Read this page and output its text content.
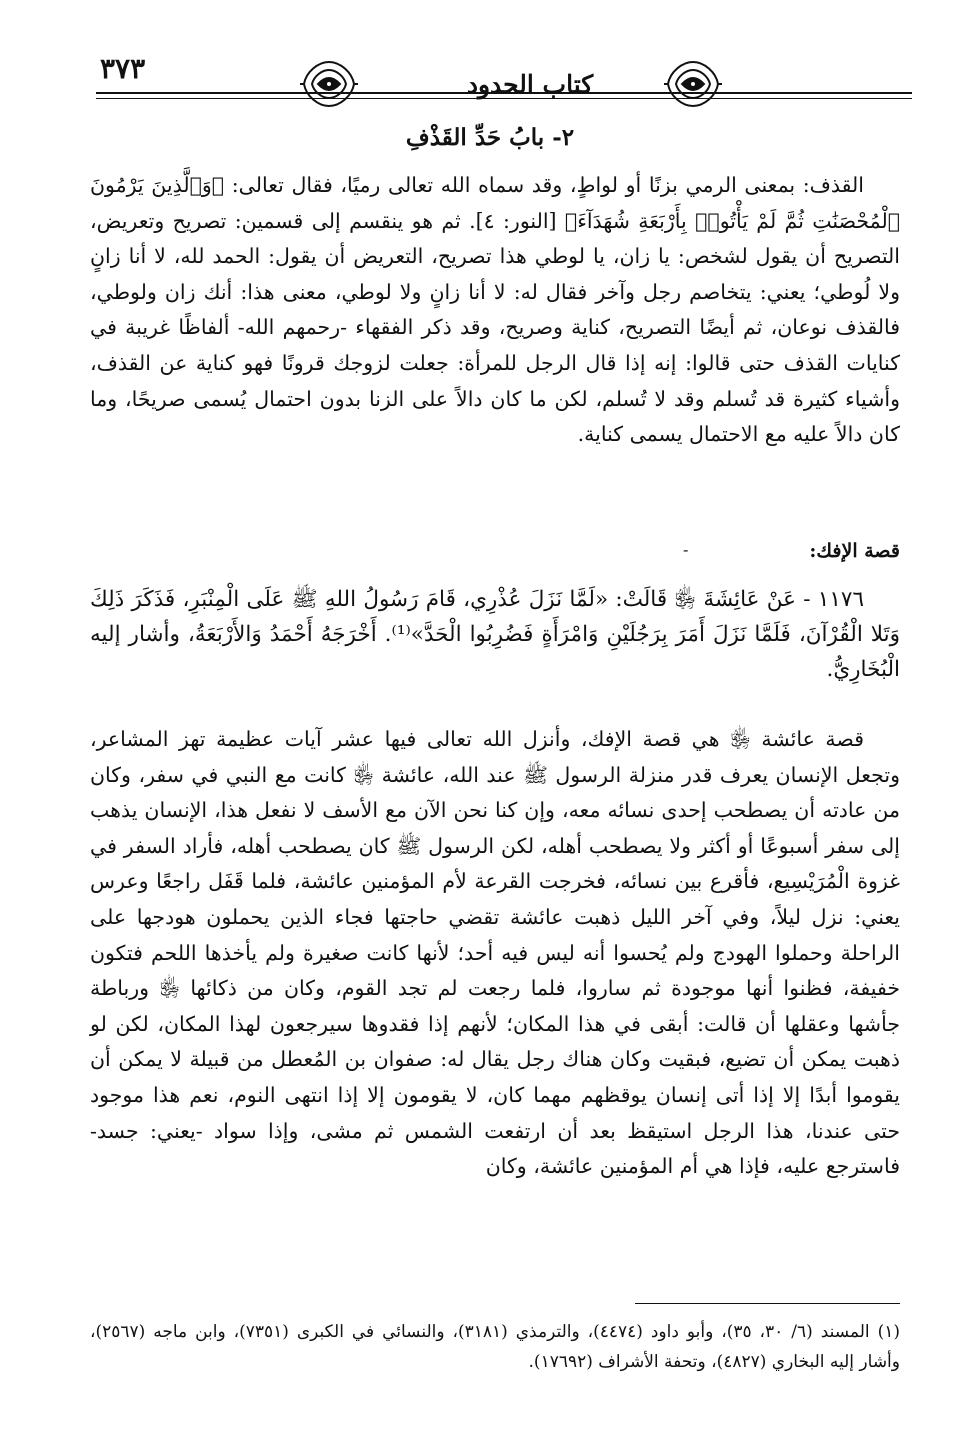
٣٧٣	كتاب الحدود
٢- بابُ حَدِّ القَذْفِ

القذف: بمعنى الرمي بزنًا أو لواطٍ، وقد سماه الله تعالى رميًا، فقال تعالى: ﴿وَٱلَّذِينَ يَرْمُونَ ٱلْمُحْصَنَٰتِ ثُمَّ لَمْ يَأْتُوا۟ بِأَرْبَعَةِ شُهَدَآءَ﴾ [النور: ٤]. ثم هو ينقسم إلى قسمين: تصريح وتعريض، التصريح أن يقول لشخص: يا زان، يا لوطي هذا تصريح، التعريض أن يقول: الحمد لله، لا أنا زانٍ ولا لُوطي؛ يعني: يتخاصم رجل وآخر فقال له: لا أنا زانٍ ولا لوطي، معنى هذا: أنك زان ولوطي، فالقذف نوعان، ثم أيضًا التصريح، كناية وصريح، وقد ذكر الفقهاء -رحمهم الله- ألفاظًا غريبة في كنايات القذف حتى قالوا: إنه إذا قال الرجل للمرأة: جعلت لزوجك قرونًا فهو كناية عن القذف، وأشياء كثيرة قد تُسلم وقد لا تُسلم، لكن ما كان دالاً على الزنا بدون احتمال يُسمى صريحًا، وما كان دالاً عليه مع الاحتمال يسمى كناية.

قصة الإفك:
-
١١٧٦ - عَنْ عَائِشَةَ ﵂ قَالَتْ: «لَمَّا نَزَلَ عُذْرِي، قَامَ رَسُولُ اللهِ ﷺ عَلَى الْمِنْبَرِ، فَذَكَرَ ذَلِكَ وَتَلا الْقُرْآنَ، فَلَمَّا نَزَلَ أَمَرَ بِرَجُلَيْنِ وَامْرَأَةٍ فَضُرِبُوا الْحَدَّ»⁽¹⁾. أَخْرَجَهُ أَحْمَدُ وَالأَرْبَعَةُ، وأشار إليه الْبُخَارِيُّ.
قصة عائشة ﵂ هي قصة الإفك، وأنزل الله تعالى فيها عشر آيات عظيمة تهز المشاعر، وتجعل الإنسان يعرف قدر منزلة الرسول ﷺ عند الله، عائشة ﵂ كانت مع النبي في سفر، وكان من عادته أن يصطحب إحدى نسائه معه، وإن كنا نحن الآن مع الأسف لا نفعل هذا، الإنسان يذهب إلى سفر أسبوعًا أو أكثر ولا يصطحب أهله، لكن الرسول ﷺ كان يصطحب أهله، فأراد السفر في غزوة الْمُرَيْسِيع، فأقرع بين نسائه، فخرجت القرعة لأم المؤمنين عائشة، فلما قَفَل راجعًا وعرس يعني: نزل ليلاً، وفي آخر الليل ذهبت عائشة تقضي حاجتها فجاء الذين يحملون هودجها على الراحلة وحملوا الهودج ولم يُحسوا أنه ليس فيه أحد؛ لأنها كانت صغيرة ولم يأخذها اللحم فتكون خفيفة، فظنوا أنها موجودة ثم ساروا، فلما رجعت لم تجد القوم، وكان من ذكائها ﵂ ورباطة جأشها وعقلها أن قالت: أبقى في هذا المكان؛ لأنهم إذا فقدوها سيرجعون لهذا المكان، لكن لو ذهبت يمكن أن تضيع، فبقيت وكان هناك رجل يقال له: صفوان بن المُعطل من قبيلة لا يمكن أن يقوموا أبدًا إلا إذا أتى إنسان يوقظهم مهما كان، لا يقومون إلا إذا انتهى النوم، نعم هذا موجود حتى عندنا، هذا الرجل استيقظ بعد أن ارتفعت الشمس ثم مشى، وإذا سواد -يعني: جسد- فاسترجع عليه، فإذا هي أم المؤمنين عائشة، وكان
(١) المسند (٦/ ٣٠، ٣٥)، وأبو داود (٤٤٧٤)، والترمذي (٣١٨١)، والنسائي في الكبرى (٧٣٥١)، وابن ماجه (٢٥٦٧)، وأشار إليه البخاري (٤٨٢٧)، وتحفة الأشراف (١٧٦٩٢).
